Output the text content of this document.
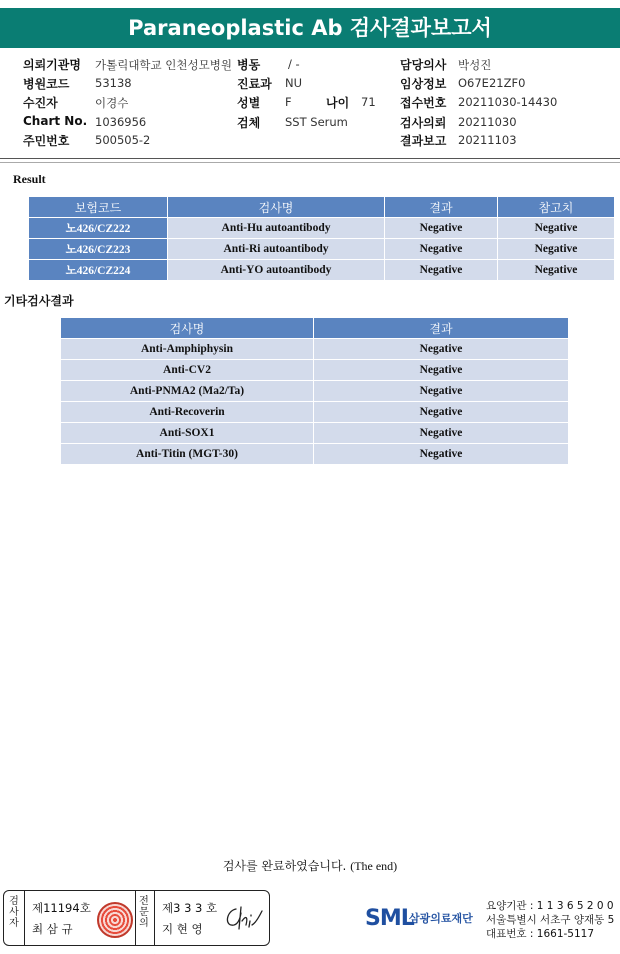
Paraneoplastic Ab 검사결과보고서
의뢰기관명 가톨릭대학교 인천성모병원 병동 / -	담당의사 박성진
병원코드 53138	진료과 NU	임상정보 O67E21ZF0
수진자	이경수	성별 F	나이 71 접수번호 20211030-14430
Chart No. 1036956	검체 SST Serum	검사의뢰 20211030
주민번호 500505-2	결과보고 20211103
Result
보험코드	검사명	결과	참고치
노426/CZ222	Anti-Hu autoantibody	Negative	Negative
노426/CZ223	Anti-Ri autoantibody	Negative	Negative
노426/CZ224	Anti-YO autoantibody	Negative	Negative
기타검사결과
검사명	결과
Anti-Amphiphysin	Negative
Anti-CV2	Negative
Anti-PNMA2 (Ma2/Ta)	Negative
Anti-Recoverin	Negative
Anti-SOX1	Negative
Anti-Titin (MGT-30)	Negative
검사를 완료하였습니다. (The end)
검
사
자
제11194호
최 삼 규
전
문
의
제3 3 3 호
지 현 영	SML
삼광의료재단
요양기관 : 1 1 3 6 5 2 0 0
서울특별시 서초구 양재동 5
대표번호 : 1661-5117
